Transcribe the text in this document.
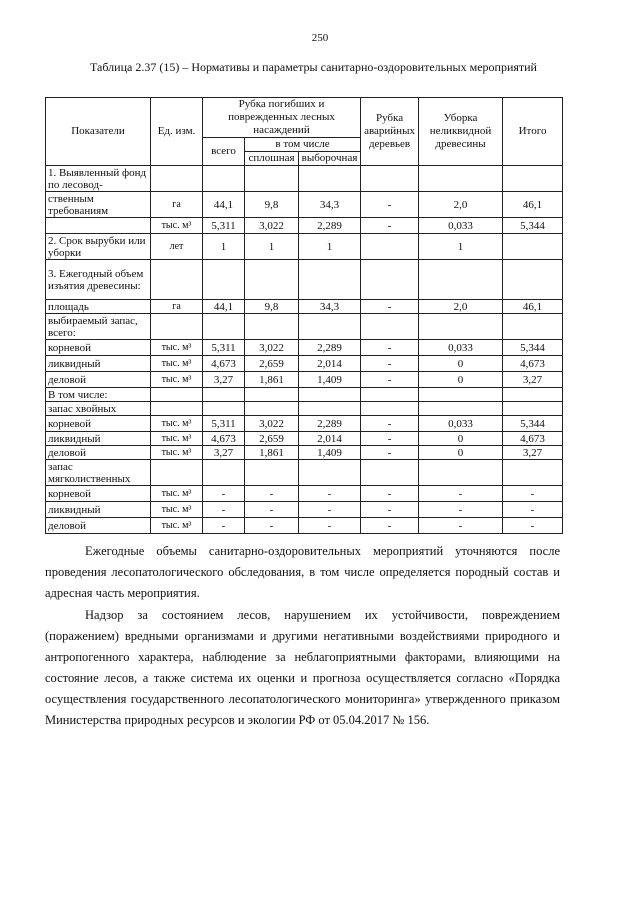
250
Таблица 2.37 (15) – Нормативы и параметры санитарно-оздоровительных мероприятий
Показатели	Ед. изм.	Рубка погибших и поврежденных лесных насаждений			Рубка аварийных деревьев	Уборка неликвидной древесины	Итого
		всего	в том числе				
			сплошная	выборочная			
1. Выявленный фонд по лесовод-							
ственным требованиям	га	44,1	9,8	34,3	-	2,0	46,1
	тыс. м³	5,311	3,022	2,289	-	0,033	5,344
2. Срок вырубки или уборки	лет	1	1	1		1	
3. Ежегодный объем изъятия древесины:							
площадь	га	44,1	9,8	34,3	-	2,0	46,1
выбираемый запас, всего:							
корневой	тыс. м³	5,311	3,022	2,289	-	0,033	5,344
ликвидный	тыс. м³	4,673	2,659	2,014	-	0	4,673
деловой	тыс. м³	3,27	1,861	1,409	-	0	3,27
В том числе:							
запас хвойных							
корневой	тыс. м³	5,311	3,022	2,289	-	0,033	5,344
ликвидный	тыс. м³	4,673	2,659	2,014	-	0	4,673
деловой	тыс. м³	3,27	1,861	1,409	-	0	3,27
запас мягколиственных							
корневой	тыс. м³	-	-	-	-	-	-
ликвидный	тыс. м³	-	-	-	-	-	-
деловой	тыс. м³	-	-	-	-	-	-

Ежегодные объемы санитарно-оздоровительных мероприятий уточняются после проведения лесопатологического обследования, в том числе определяется породный состав и адресная часть мероприятия.

Надзор за состоянием лесов, нарушением их устойчивости, повреждением (поражением) вредными организмами и другими негативными воздействиями природного и антропогенного характера, наблюдение за неблагоприятными факторами, влияющими на состояние лесов, а также система их оценки и прогноза осуществляется согласно «Порядка осуществления государственного лесопатологического мониторинга» утвержденного приказом Министерства природных ресурсов и экологии РФ от 05.04.2017 № 156.
